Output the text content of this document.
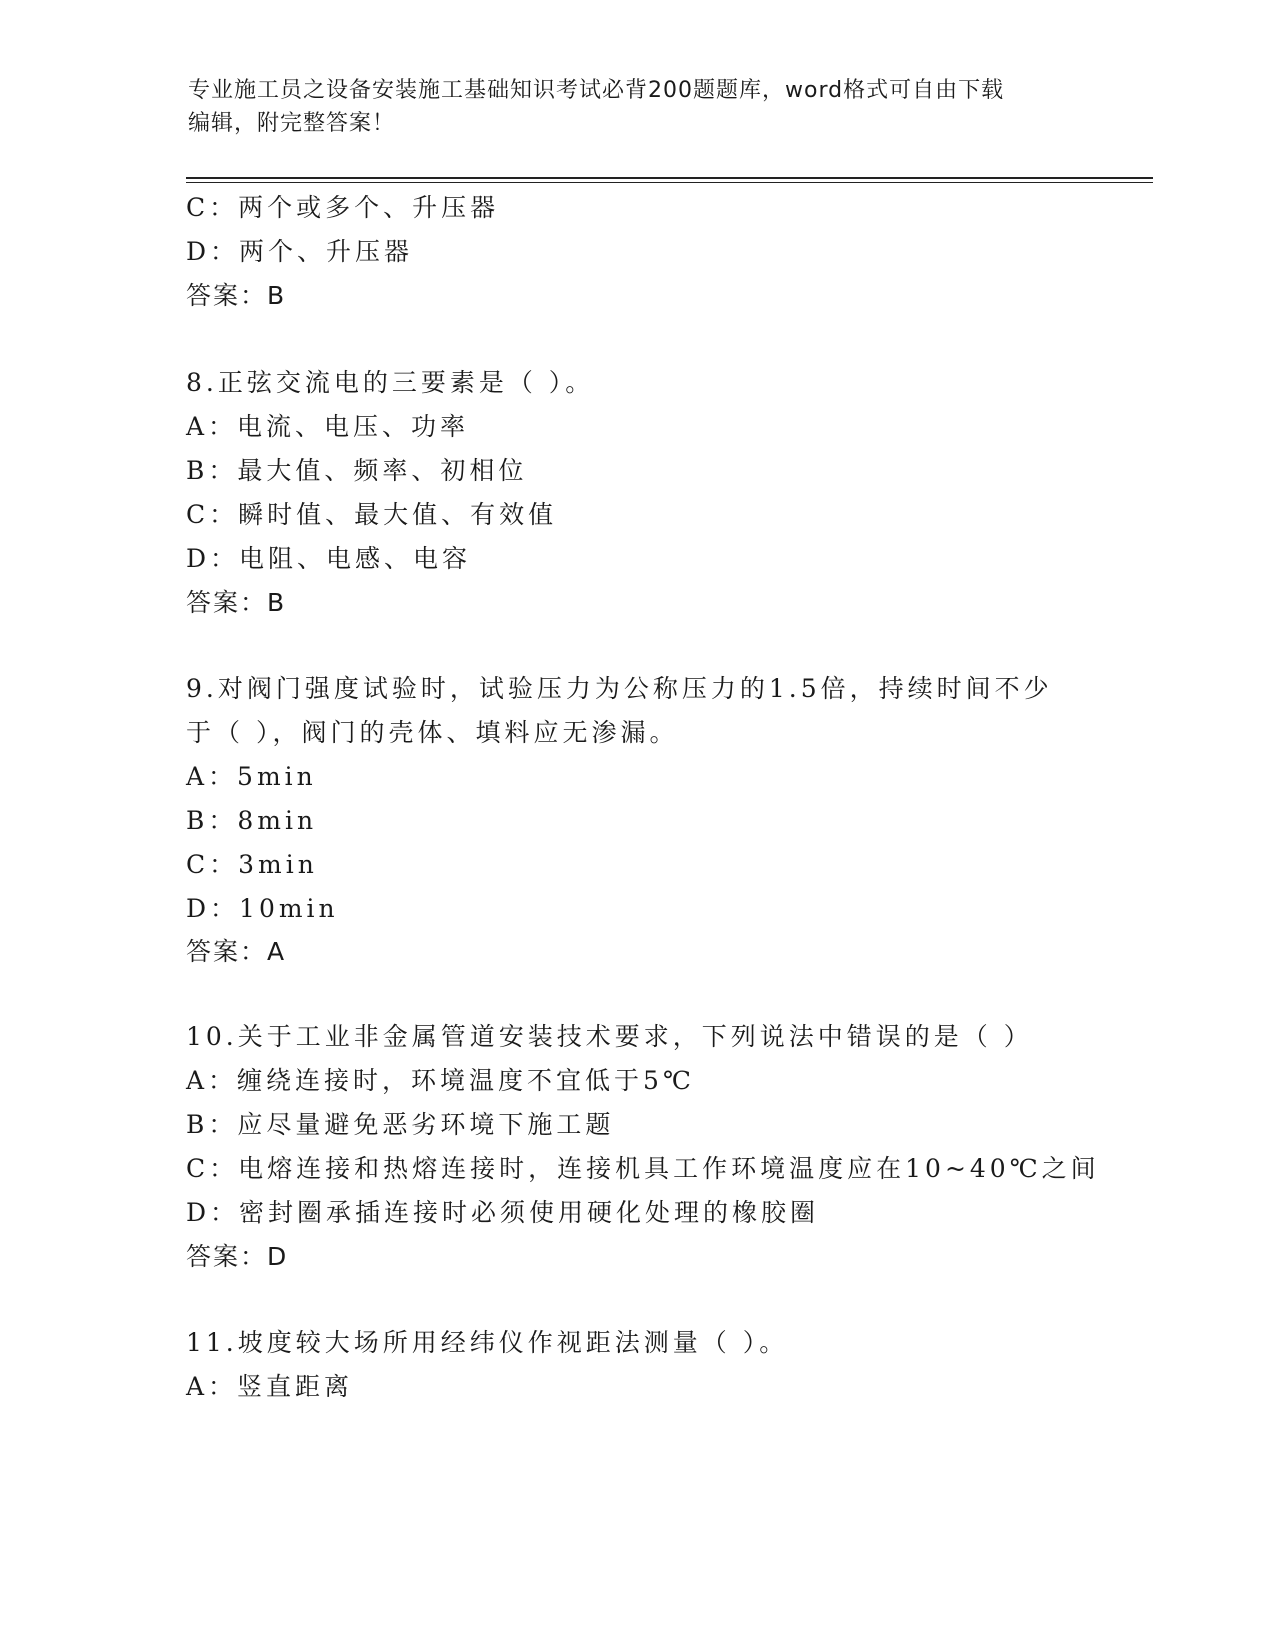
专业施工员之设备安装施工基础知识考试必背200题题库，word格式可自由下载
编辑，附完整答案！

C：两个或多个、升压器

D：两个、升压器

答案：B

8.正弦交流电的三要素是（ ）。

A：电流、电压、功率

B：最大值、频率、初相位

C：瞬时值、最大值、有效值

D：电阻、电感、电容

答案：B

9.对阀门强度试验时，试验压力为公称压力的1.5倍，持续时间不少

于（ ），阀门的壳体、填料应无渗漏。

A：5min

B：8min

C：3min

D：10min

答案：A

10.关于工业非金属管道安装技术要求，下列说法中错误的是（ ）

A：缠绕连接时，环境温度不宜低于5℃

B：应尽量避免恶劣环境下施工题

C：电熔连接和热熔连接时，连接机具工作环境温度应在10~40℃之间

D：密封圈承插连接时必须使用硬化处理的橡胶圈

答案：D

11.坡度较大场所用经纬仪作视距法测量（ ）。

A：竖直距离
